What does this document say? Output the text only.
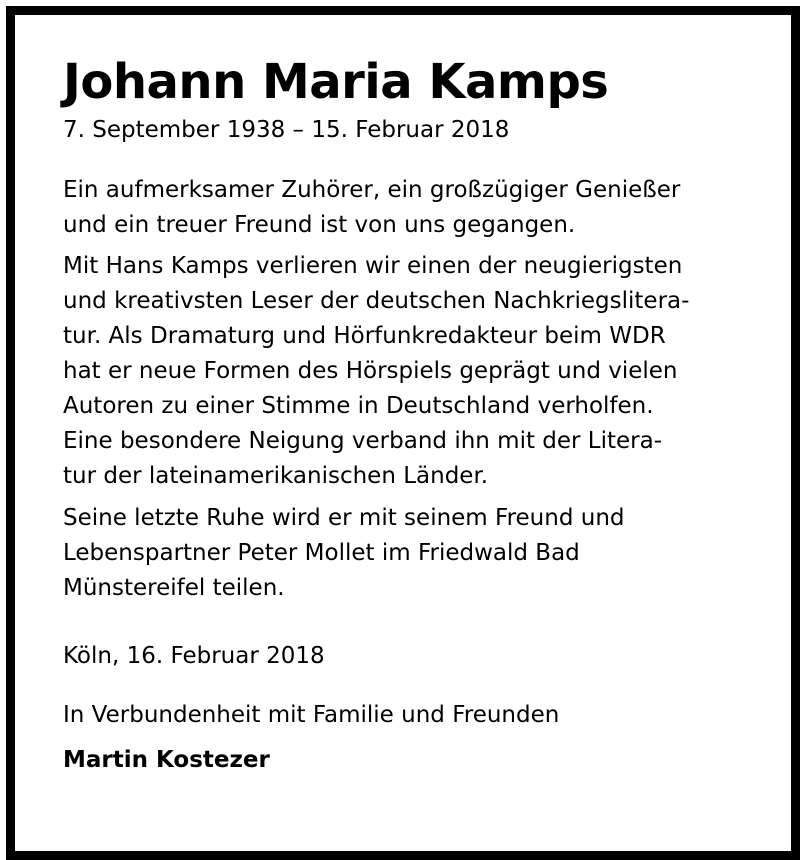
Johann Maria Kamps
7. September 1938 – 15. Februar 2018

Ein aufmerksamer Zuhörer, ein großzügiger Genießer
und ein treuer Freund ist von uns gegangen.

Mit Hans Kamps verlieren wir einen der neugierigsten
und kreativsten Leser der deutschen Nachkriegslitera-
tur. Als Dramaturg und Hörfunkredakteur beim WDR
hat er neue Formen des Hörspiels geprägt und vielen
Autoren zu einer Stimme in Deutschland verholfen.
Eine besondere Neigung verband ihn mit der Litera-
tur der lateinamerikanischen Länder.

Seine letzte Ruhe wird er mit seinem Freund und
Lebenspartner Peter Mollet im Friedwald Bad
Münstereifel teilen.

Köln, 16. Februar 2018
In Verbundenheit mit Familie und Freunden
Martin Kostezer
